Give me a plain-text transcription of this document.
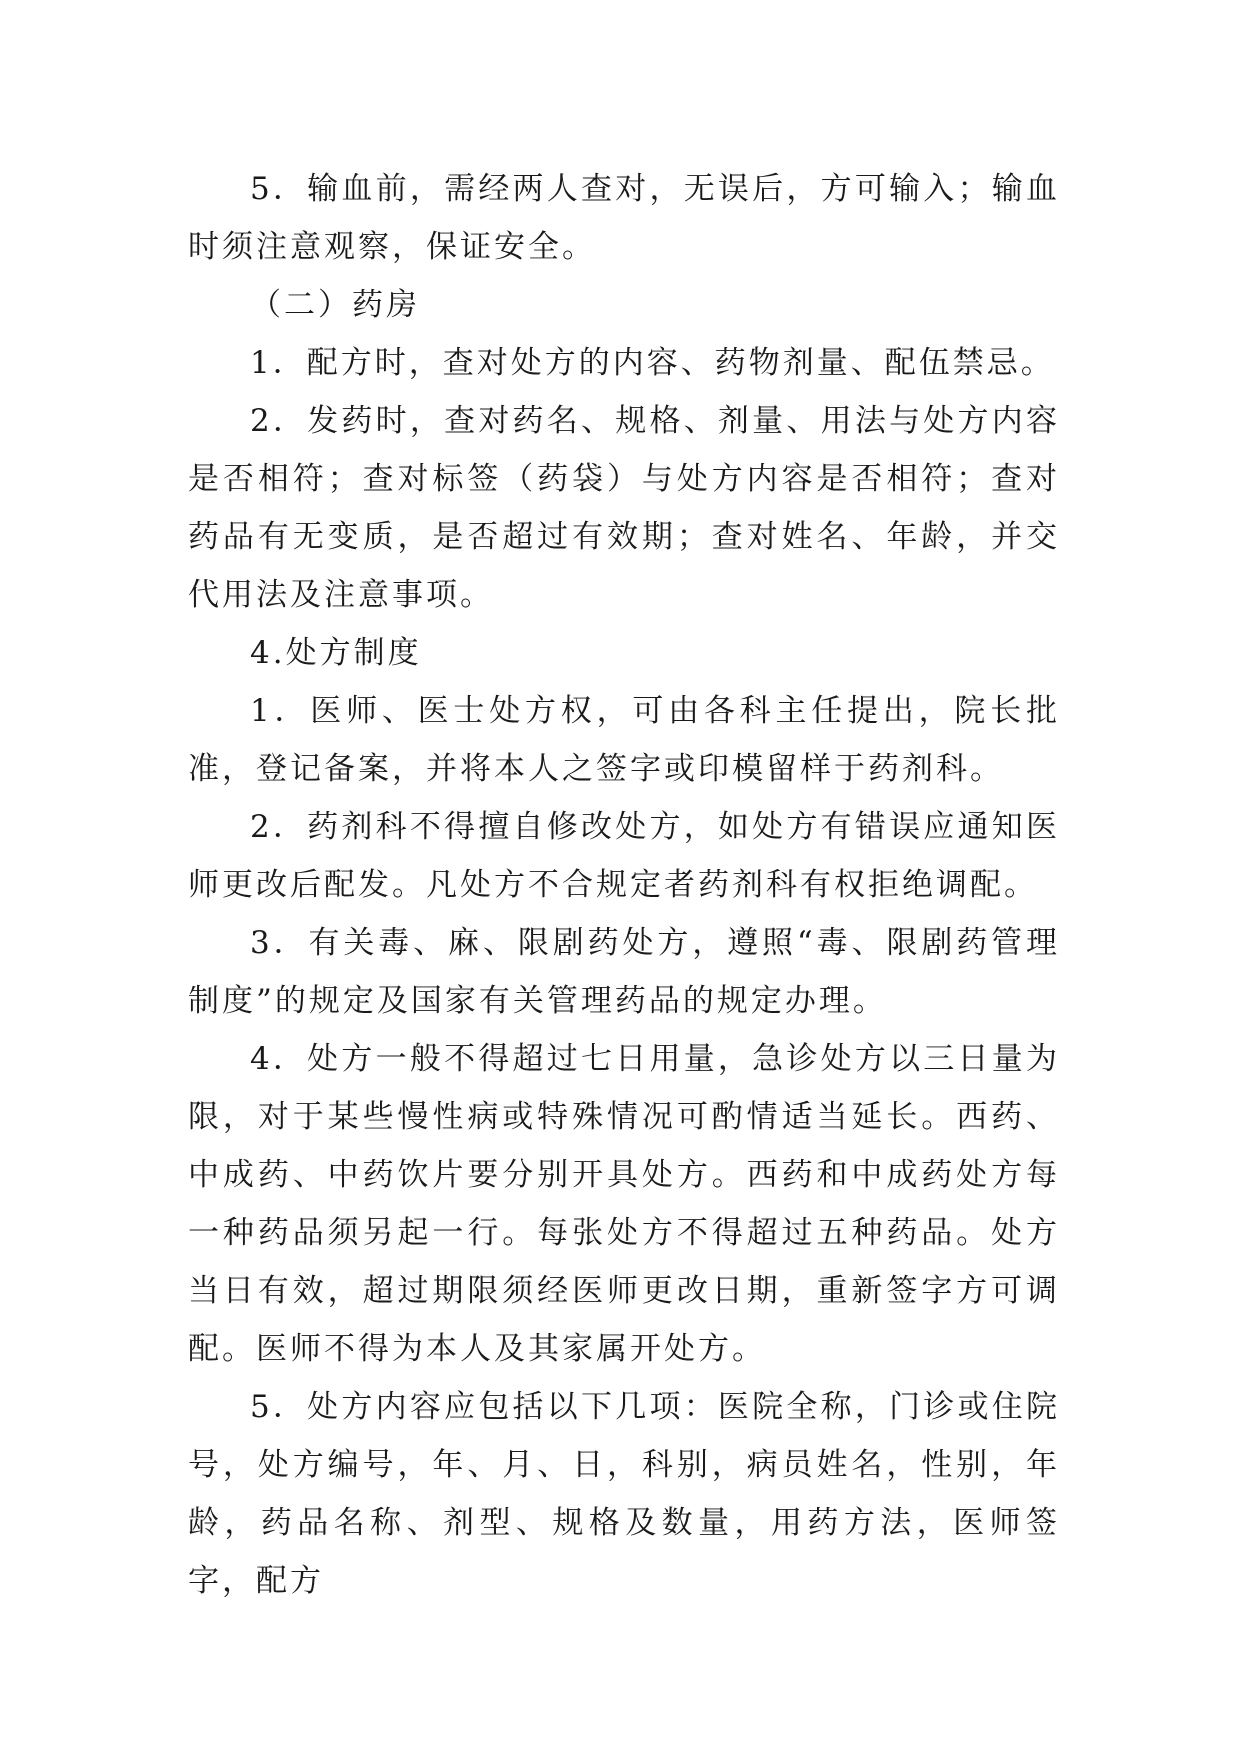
5．输血前，需经两人查对，无误后，方可输入；输血时须注意观察，保证安全。

（二）药房

1．配方时，查对处方的内容、药物剂量、配伍禁忌。

2．发药时，查对药名、规格、剂量、用法与处方内容是否相符；查对标签（药袋）与处方内容是否相符；查对药品有无变质，是否超过有效期；查对姓名、年龄，并交代用法及注意事项。

4.处方制度

1．医师、医士处方权，可由各科主任提出，院长批准，登记备案，并将本人之签字或印模留样于药剂科。

2．药剂科不得擅自修改处方，如处方有错误应通知医师更改后配发。凡处方不合规定者药剂科有权拒绝调配。

3．有关毒、麻、限剧药处方，遵照“毒、限剧药管理制度”的规定及国家有关管理药品的规定办理。

4．处方一般不得超过七日用量，急诊处方以三日量为限，对于某些慢性病或特殊情况可酌情适当延长。西药、中成药、中药饮片要分别开具处方。西药和中成药处方每一种药品须另起一行。每张处方不得超过五种药品。处方当日有效，超过期限须经医师更改日期，重新签字方可调配。医师不得为本人及其家属开处方。

5．处方内容应包括以下几项：医院全称，门诊或住院号，处方编号，年、月、日，科别，病员姓名，性别，年龄，药品名称、剂型、规格及数量，用药方法，医师签字，配方
